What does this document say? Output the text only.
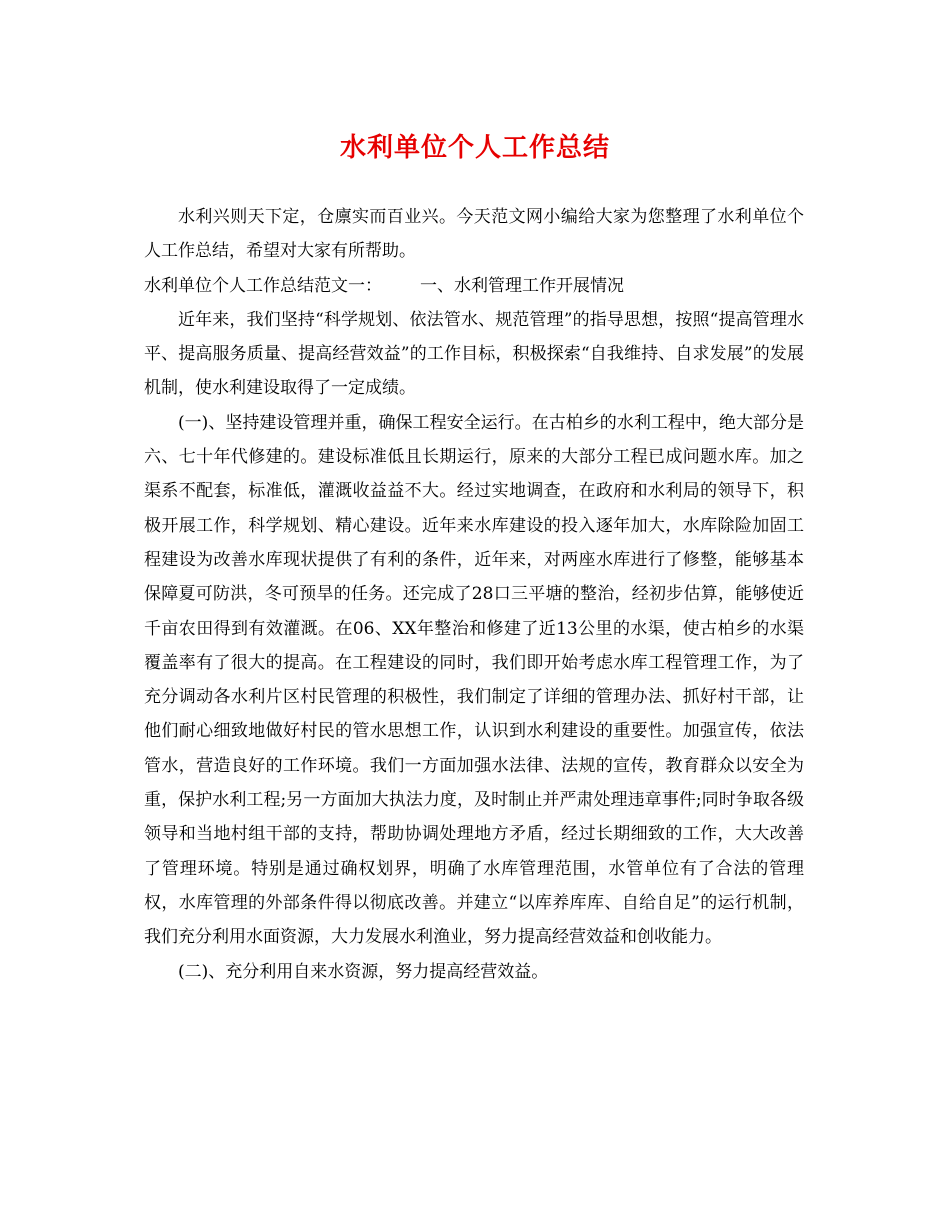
水利单位个人工作总结

水利兴则天下定，仓廪实而百业兴。今天范文网小编给大家为您整理了水利单位个人工作总结，希望对大家有所帮助。

水利单位个人工作总结范文一： 一、水利管理工作开展情况

近年来，我们坚持“科学规划、依法管水、规范管理”的指导思想，按照“提高管理水平、提高服务质量、提高经营效益”的工作目标，积极探索“自我维持、自求发展”的发展机制，使水利建设取得了一定成绩。

(一)、坚持建设管理并重，确保工程安全运行。在古柏乡的水利工程中，绝大部分是六、七十年代修建的。建设标准低且长期运行，原来的大部分工程已成问题水库。加之渠系不配套，标准低，灌溉收益益不大。经过实地调查，在政府和水利局的领导下，积极开展工作，科学规划、精心建设。近年来水库建设的投入逐年加大，水库除险加固工程建设为改善水库现状提供了有利的条件，近年来，对两座水库进行了修整，能够基本保障夏可防洪，冬可预旱的任务。还完成了28口三平塘的整治，经初步估算，能够使近千亩农田得到有效灌溉。在06、XX年整治和修建了近13公里的水渠，使古柏乡的水渠覆盖率有了很大的提高。在工程建设的同时，我们即开始考虑水库工程管理工作，为了充分调动各水利片区村民管理的积极性，我们制定了详细的管理办法、抓好村干部，让他们耐心细致地做好村民的管水思想工作，认识到水利建设的重要性。加强宣传，依法管水，营造良好的工作环境。我们一方面加强水法律、法规的宣传，教育群众以安全为重，保护水利工程;另一方面加大执法力度，及时制止并严肃处理违章事件;同时争取各级领导和当地村组干部的支持，帮助协调处理地方矛盾，经过长期细致的工作，大大改善了管理环境。特别是通过确权划界，明确了水库管理范围，水管单位有了合法的管理权，水库管理的外部条件得以彻底改善。并建立“以库养库库、自给自足”的运行机制，我们充分利用水面资源，大力发展水利渔业，努力提高经营效益和创收能力。

(二)、充分利用自来水资源，努力提高经营效益。
